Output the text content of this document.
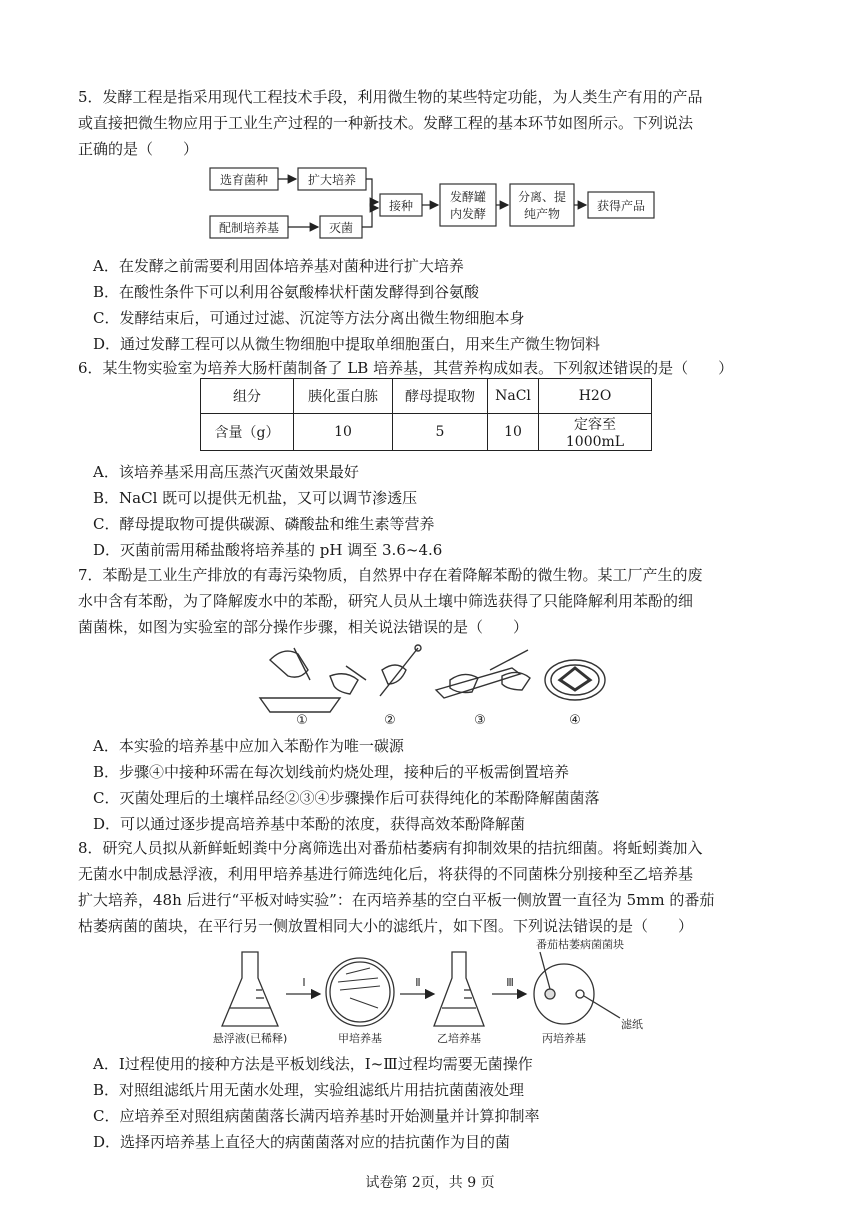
5．发酵工程是指采用现代工程技术手段，利用微生物的某些特定功能，为人类生产有用的产品
或直接把微生物应用于工业生产过程的一种新技术。发酵工程的基本环节如图所示。下列说法
正确的是（　　）
选育菌种	扩大培养
配制培养基	灭菌
接种
发酵罐
内发酵
分离、提
纯产物
获得产品
A．在发酵之前需要利用固体培养基对菌种进行扩大培养
B．在酸性条件下可以利用谷氨酸棒状杆菌发酵得到谷氨酸
C．发酵结束后，可通过过滤、沉淀等方法分离出微生物细胞本身
D．通过发酵工程可以从微生物细胞中提取单细胞蛋白，用来生产微生物饲料
6．某生物实验室为培养大肠杆菌制备了 LB 培养基，其营养构成如表。下列叙述错误的是（　　）
组分	胰化蛋白胨	酵母提取物	NaCl	H2O
含量（g）	10	5	10	定容至 1000mL
A．该培养基采用高压蒸汽灭菌效果最好
B．NaCl 既可以提供无机盐，又可以调节渗透压
C．酵母提取物可提供碳源、磷酸盐和维生素等营养
D．灭菌前需用稀盐酸将培养基的 pH 调至 3.6~4.6
7．苯酚是工业生产排放的有毒污染物质，自然界中存在着降解苯酚的微生物。某工厂产生的废
水中含有苯酚，为了降解废水中的苯酚，研究人员从土壤中筛选获得了只能降解利用苯酚的细
菌菌株，如图为实验室的部分操作步骤，相关说法错误的是（　　）
①	②	③	④
A．本实验的培养基中应加入苯酚作为唯一碳源
B．步骤④中接种环需在每次划线前灼烧处理，接种后的平板需倒置培养
C．灭菌处理后的土壤样品经②③④步骤操作后可获得纯化的苯酚降解菌菌落
D．可以通过逐步提高培养基中苯酚的浓度，获得高效苯酚降解菌
8．研究人员拟从新鲜蚯蚓粪中分离筛选出对番茄枯萎病有抑制效果的拮抗细菌。将蚯蚓粪加入
无菌水中制成悬浮液，利用甲培养基进行筛选纯化后，将获得的不同菌株分别接种至乙培养基
扩大培养，48h 后进行“平板对峙实验”：在丙培养基的空白平板一侧放置一直径为 5mm 的番茄
枯萎病菌的菌块，在平行另一侧放置相同大小的滤纸片，如下图。下列说法错误的是（　　）
Ⅰ	Ⅱ	Ⅲ
番茄枯萎病菌菌块
滤纸
悬浮液(已稀释)	甲培养基	乙培养基	丙培养基
A．Ⅰ过程使用的接种方法是平板划线法，Ⅰ~Ⅲ过程均需要无菌操作
B．对照组滤纸片用无菌水处理，实验组滤纸片用拮抗菌菌液处理
C．应培养至对照组病菌菌落长满丙培养基时开始测量并计算抑制率
D．选择丙培养基上直径大的病菌菌落对应的拮抗菌作为目的菌
试卷第 2页，共 9 页
